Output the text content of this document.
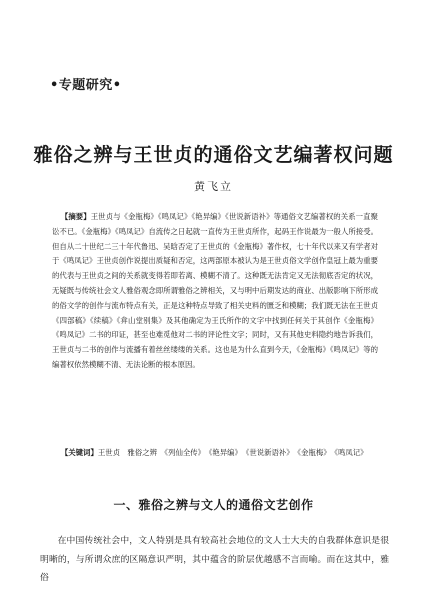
•专题研究•
雅俗之辨与王世贞的通俗文艺编著权问题
黄飞立

【摘要】王世贞与《金瓶梅》《鸣凤记》《艳异编》《世说新语补》等通俗文艺编著权的关系一直聚讼不已。《金瓶梅》《鸣凤记》自流传之日起就一直传为王世贞所作，起码王作说最为一般人所接受。但自从二十世纪二三十年代鲁迅、吴晗否定了王世贞的《金瓶梅》著作权，七十年代以来又有学者对于《鸣凤记》王世贞创作说提出质疑和否定，这两部原本被认为是王世贞俗文学创作皇冠上最为重要的代表与王世贞之间的关系就变得若即若离、模糊不清了。这种既无法肯定又无法彻底否定的状况，无疑既与传统社会文人雅俗观念即所谓雅俗之辨相关，又与明中后期发达的商业、出版影响下所形成的俗文学的创作与流布特点有关，正是这种特点导致了相关史料的匮乏和模糊；我们既无法在王世贞《四部稿》《续稿》《弇山堂别集》及其他确定为王氏所作的文字中找到任何关于其创作《金瓶梅》《鸣凤记》二书的印证，甚至也难觅他对二书的评论性文字；同时，又有其他史料隐约地告诉我们，王世贞与二书的创作与流播有着丝丝缕缕的关系。这也是为什么直到今天，《金瓶梅》《鸣凤记》等的编著权依然模糊不清、无法论断的根本原因。

【关键词】王世贞　雅俗之辨　《列仙全传》　《艳异编》　《世说新语补》　《金瓶梅》　《鸣凤记》

一、雅俗之辨与文人的通俗文艺创作

在中国传统社会中，文人特别是具有较高社会地位的文人士大夫的自我群体意识是很明晰的，与所谓众庶的区隔意识严明，其中蕴含的阶层优越感不言而喻。而在这其中，雅俗
